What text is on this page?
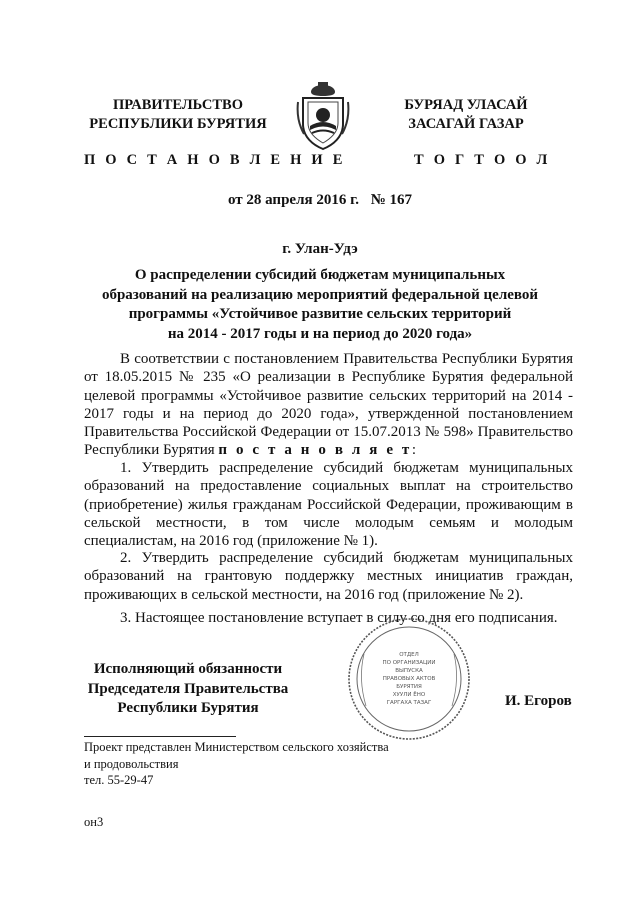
ПРАВИТЕЛЬСТВО
РЕСПУБЛИКИ БУРЯТИЯ
БУРЯАД УЛАСАЙ
ЗАСАГАЙ ГАЗАР
П О С Т А Н О В Л Е Н И Е	Т О Г Т О О Л
от 28 апреля 2016 г. № 167
г. Улан-Удэ
О распределении субсидий бюджетам муниципальных
образований на реализацию мероприятий федеральной целевой
программы «Устойчивое развитие сельских территорий
на 2014 - 2017 годы и на период до 2020 года»
В соответствии с постановлением Правительства Республики Бурятия от 18.05.2015 № 235 «О реализации в Республике Бурятия федеральной целевой программы «Устойчивое развитие сельских территорий на 2014 - 2017 годы и на период до 2020 года», утвержденной постановлением Правительства Российской Федерации от 15.07.2013 № 598» Правительство Республики Бурятия п о с т а н о в л я е т:
1. Утвердить распределение субсидий бюджетам муниципальных образований на предоставление социальных выплат на строительство (приобретение) жилья гражданам Российской Федерации, проживающим в сельской местности, в том числе молодым семьям и молодым специалистам, на 2016 год (приложение № 1).
2. Утвердить распределение субсидий бюджетам муниципальных образований на грантовую поддержку местных инициатив граждан, проживающих в сельской местности, на 2016 год (приложение № 2).
3. Настоящее постановление вступает в силу со дня его подписания.
ОТДЕЛ
ПО ОРГАНИЗАЦИИ
ВЫПУСКА
ПРАВОВЫХ АКТОВ
БУРЯТИЯ
ХУУЛИ ЁНО
ГАРГАХА ТАЗАГ
Исполняющий обязанности
Председателя Правительства
Республики Бурятия	И. Егоров
Проект представлен Министерством сельского хозяйства
и продовольствия
тел. 55-29-47
он3
